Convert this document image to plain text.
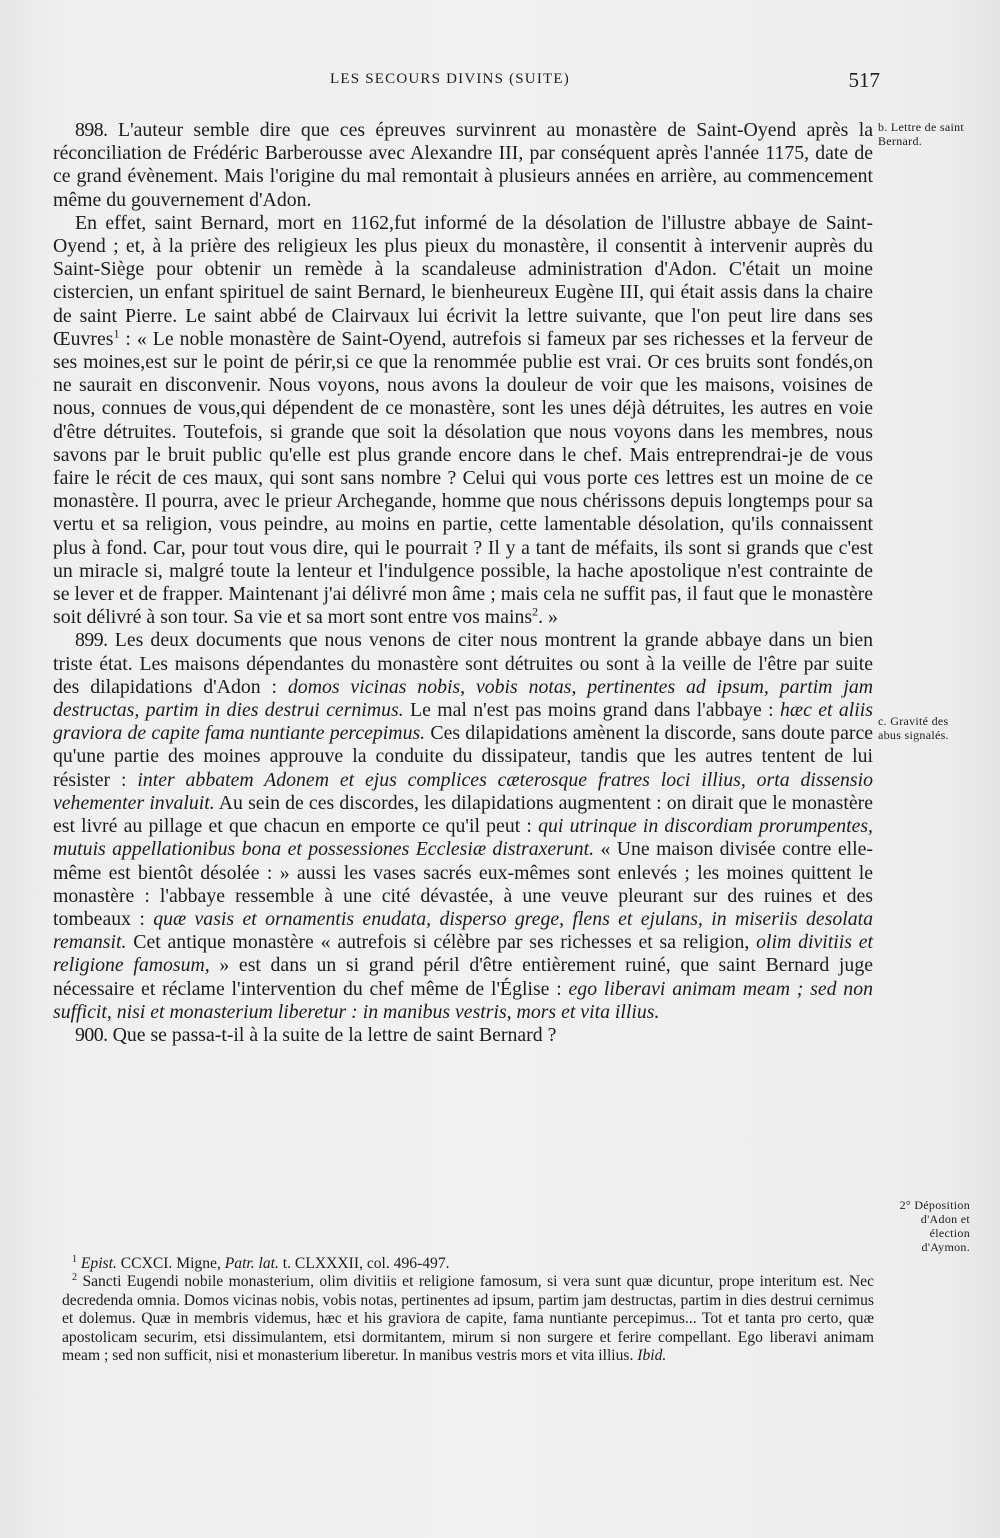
LES SECOURS DIVINS (SUITE)	517
b. Lettre de saint Bernard.
c. Gravité des abus signalés.
2° Déposition d'Adon et élection d'Aymon.

898. L'auteur semble dire que ces épreuves survinrent au monastère de Saint-Oyend après la réconciliation de Frédéric Barberousse avec Alexandre III, par conséquent après l'année 1175, date de ce grand évènement. Mais l'origine du mal remontait à plusieurs années en arrière, au commencement même du gouvernement d'Adon.

En effet, saint Bernard, mort en 1162,fut informé de la désolation de l'illustre abbaye de Saint-Oyend ; et, à la prière des religieux les plus pieux du monastère, il consentit à intervenir auprès du Saint-Siège pour obtenir un remède à la scandaleuse administration d'Adon. C'était un moine cistercien, un enfant spirituel de saint Bernard, le bienheureux Eugène III, qui était assis dans la chaire de saint Pierre. Le saint abbé de Clairvaux lui écrivit la lettre suivante, que l'on peut lire dans ses Œuvres$^1$ : « Le noble monastère de Saint-Oyend, autrefois si fameux par ses richesses et la ferveur de ses moines,est sur le point de périr,si ce que la renommée publie est vrai. Or ces bruits sont fondés,on ne saurait en disconvenir. Nous voyons, nous avons la douleur de voir que les maisons, voisines de nous, connues de vous,qui dépendent de ce monastère, sont les unes déjà détruites, les autres en voie d'être détruites. Toutefois, si grande que soit la désolation que nous voyons dans les membres, nous savons par le bruit public qu'elle est plus grande encore dans le chef. Mais entreprendrai-je de vous faire le récit de ces maux, qui sont sans nombre ? Celui qui vous porte ces lettres est un moine de ce monastère. Il pourra, avec le prieur Archegande, homme que nous chérissons depuis longtemps pour sa vertu et sa religion, vous peindre, au moins en partie, cette lamentable désolation, qu'ils connaissent plus à fond. Car, pour tout vous dire, qui le pourrait ? Il y a tant de méfaits, ils sont si grands que c'est un miracle si, malgré toute la lenteur et l'indulgence possible, la hache apostolique n'est contrainte de se lever et de frapper. Maintenant j'ai délivré mon âme ; mais cela ne suffit pas, il faut que le monastère soit délivré à son tour. Sa vie et sa mort sont entre vos mains$^2$. »

899. Les deux documents que nous venons de citer nous montrent la grande abbaye dans un bien triste état. Les maisons dépendantes du monastère sont détruites ou sont à la veille de l'être par suite des dilapidations d'Adon : domos vicinas nobis, vobis notas, pertinentes ad ipsum, partim jam destructas, partim in dies destrui cernimus. Le mal n'est pas moins grand dans l'abbaye : hæc et aliis graviora de capite fama nuntiante percepimus. Ces dilapidations amènent la discorde, sans doute parce qu'une partie des moines approuve la conduite du dissipateur, tandis que les autres tentent de lui résister : inter abbatem Adonem et ejus complices cæterosque fratres loci illius, orta dissensio vehementer invaluit. Au sein de ces discordes, les dilapidations augmentent : on dirait que le monastère est livré au pillage et que chacun en emporte ce qu'il peut : qui utrinque in discordiam prorumpentes, mutuis appellationibus bona et possessiones Ecclesiæ distraxerunt. « Une maison divisée contre elle-même est bientôt désolée : » aussi les vases sacrés eux-mêmes sont enlevés ; les moines quittent le monastère : l'abbaye ressemble à une cité dévastée, à une veuve pleurant sur des ruines et des tombeaux : quæ vasis et ornamentis enudata, disperso grege, flens et ejulans, in miseriis desolata remansit. Cet antique monastère « autrefois si célèbre par ses richesses et sa religion, olim divitiis et religione famosum, » est dans un si grand péril d'être entièrement ruiné, que saint Bernard juge nécessaire et réclame l'intervention du chef même de l'Église : ego liberavi animam meam ; sed non sufficit, nisi et monasterium liberetur : in manibus vestris, mors et vita illius.

900. Que se passa-t-il à la suite de la lettre de saint Bernard ?

$^1$ Epist. CCXCI. Migne, Patr. lat. t. CLXXXII, col. 496-497.

$^2$ Sancti Eugendi nobile monasterium, olim divitiis et religione famosum, si vera sunt quæ dicuntur, prope interitum est. Nec decredenda omnia. Domos vicinas nobis, vobis notas, pertinentes ad ipsum, partim jam destructas, partim in dies destrui cernimus et dolemus. Quæ in membris videmus, hæc et his graviora de capite, fama nuntiante percepimus... Tot et tanta pro certo, quæ apostolicam securim, etsi dissimulantem, etsi dormitantem, mirum si non surgere et ferire compellant. Ego liberavi animam meam ; sed non sufficit, nisi et monasterium liberetur. In manibus vestris mors et vita illius. Ibid.
